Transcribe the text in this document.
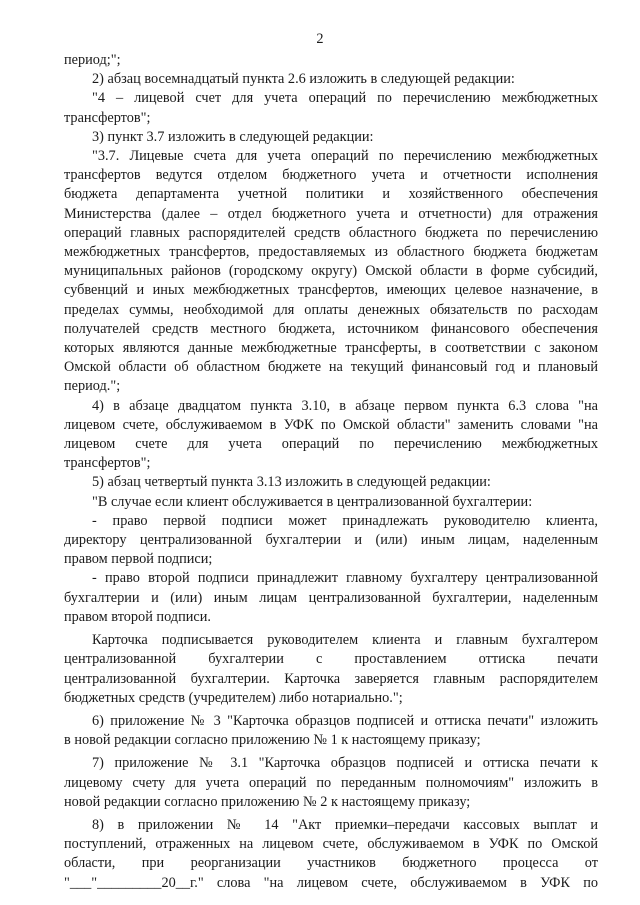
2
период;";
2) абзац восемнадцатый пункта 2.6 изложить в следующей редакции:
"4 – лицевой счет для учета операций по перечислению межбюджетных
трансфертов";
3) пункт 3.7 изложить в следующей редакции:
"3.7. Лицевые счета для учета операций по перечислению межбюджетных
трансфертов ведутся отделом бюджетного учета и отчетности исполнения
бюджета департамента учетной политики и хозяйственного обеспечения
Министерства (далее – отдел бюджетного учета и отчетности) для отражения
операций главных распорядителей средств областного бюджета по перечислению
межбюджетных трансфертов, предоставляемых из областного бюджета бюджетам
муниципальных районов (городскому округу) Омской области в форме субсидий,
субвенций и иных межбюджетных трансфертов, имеющих целевое назначение, в
пределах суммы, необходимой для оплаты денежных обязательств по расходам
получателей средств местного бюджета, источником финансового обеспечения
которых являются данные межбюджетные трансферты, в соответствии с законом
Омской области об областном бюджете на текущий финансовый год и плановый
период.";
4) в абзаце двадцатом пункта 3.10, в абзаце первом пункта 6.3 слова "на
лицевом счете, обслуживаемом в УФК по Омской области" заменить словами "на
лицевом счете для учета операций по перечислению межбюджетных
трансфертов";
5) абзац четвертый пункта 3.13 изложить в следующей редакции:
"В случае если клиент обслуживается в централизованной бухгалтерии:
- право первой подписи может принадлежать руководителю клиента,
директору централизованной бухгалтерии и (или) иным лицам, наделенным
правом первой подписи;
- право второй подписи принадлежит главному бухгалтеру централизованной
бухгалтерии и (или) иным лицам централизованной бухгалтерии, наделенным
правом второй подписи.
Карточка подписывается руководителем клиента и главным бухгалтером
централизованной бухгалтерии с проставлением оттиска печати
централизованной бухгалтерии. Карточка заверяется главным распорядителем
бюджетных средств (учредителем) либо нотариально.";
6) приложение № 3 "Карточка образцов подписей и оттиска печати" изложить
в новой редакции согласно приложению № 1 к настоящему приказу;
7) приложение № 3.1 "Карточка образцов подписей и оттиска печати к
лицевому счету для учета операций по переданным полномочиям" изложить в
новой редакции согласно приложению № 2 к настоящему приказу;
8) в приложении № 14 "Акт приемки–передачи кассовых выплат и
поступлений, отраженных на лицевом счете, обслуживаемом в УФК по Омской
области, при реорганизации участников бюджетного процесса от
"___"_________20__г." слова "на лицевом счете, обслуживаемом в УФК по
